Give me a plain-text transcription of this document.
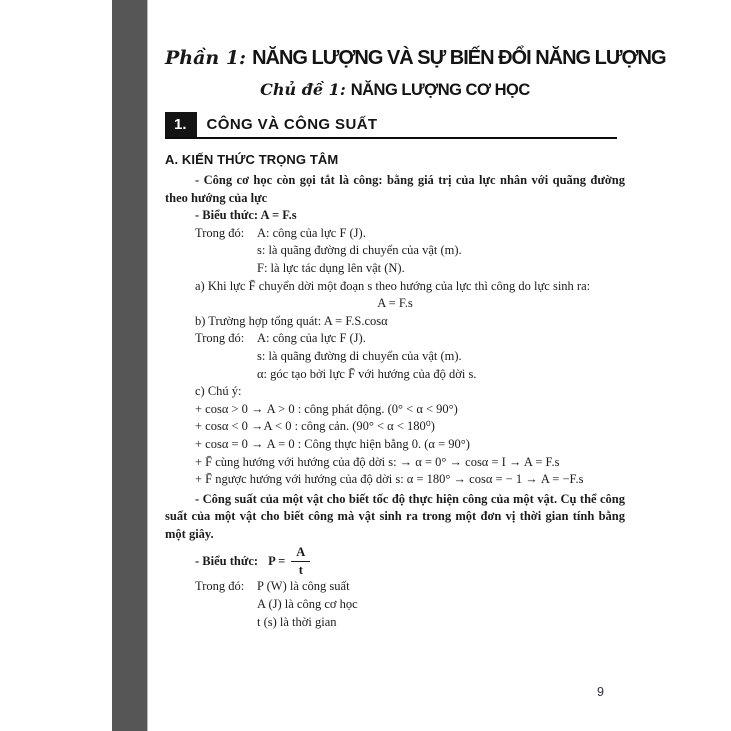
Phần 1: NĂNG LƯỢNG VÀ SỰ BIẾN ĐỔI NĂNG LƯỢNG
Chủ đề 1: NĂNG LƯỢNG CƠ HỌC
1.	CÔNG VÀ CÔNG SUẤT
A. KIẾN THỨC TRỌNG TÂM

- Công cơ học còn gọi tắt là công: bằng giá trị của lực nhân với quãng đường theo hướng của lực

- Biểu thức: A = F.s

Trong đó:	A: công của lực F (J).
s: là quãng đường di chuyển của vật (m).
F: là lực tác dụng lên vật (N).

a) Khi lực F̄ chuyển dời một đoạn s theo hướng của lực thì công do lực sinh ra:

A = F.s

b) Trường hợp tổng quát: A = F.S.cosα

Trong đó:	A: công của lực F (J).
s: là quãng đường di chuyển của vật (m).
α: góc tạo bởi lực F̄ với hướng của độ dời s.

c) Chú ý:

+ cosα > 0 → A > 0 : công phát động. (0° < α < 90°)

+ cosα < 0 →A < 0 : công cản. (90° < α < 180⁰)

+ cosα = 0 → A = 0 : Công thực hiện bằng 0. (α = 90°)

+ F̄ cùng hướng với hướng của độ dời s: → α = 0° → cosα = I → A = F.s

+ F̄ ngược hướng với hướng của độ dời s: α = 180° → cosα = − 1 → A = −F.s

- Công suất của một vật cho biết tốc độ thực hiện công của một vật. Cụ thể công suất của một vật cho biết công mà vật sinh ra trong một đơn vị thời gian tính bằng một giây.

- Biểu thức: $P = \frac{A}{t}$
Trong đó:	P (W) là công suất
A (J) là công cơ học
t (s) là thời gian
9
